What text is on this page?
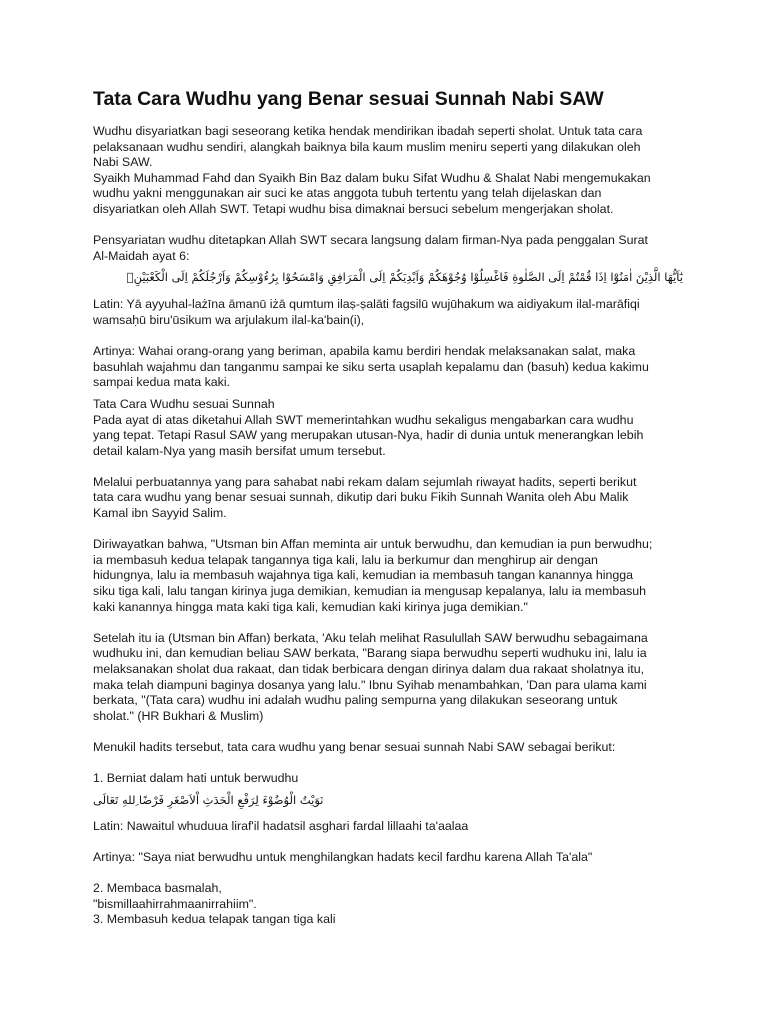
Tata Cara Wudhu yang Benar sesuai Sunnah Nabi SAW

Wudhu disyariatkan bagi seseorang ketika hendak mendirikan ibadah seperti sholat. Untuk tata cara
pelaksanaan wudhu sendiri, alangkah baiknya bila kaum muslim meniru seperti yang dilakukan oleh
Nabi SAW.
Syaikh Muhammad Fahd dan Syaikh Bin Baz dalam buku Sifat Wudhu & Shalat Nabi mengemukakan
wudhu yakni menggunakan air suci ke atas anggota tubuh tertentu yang telah dijelaskan dan
disyariatkan oleh Allah SWT. Tetapi wudhu bisa dimaknai bersuci sebelum mengerjakan sholat.

Pensyariatan wudhu ditetapkan Allah SWT secara langsung dalam firman-Nya pada penggalan Surat
Al-Maidah ayat 6:

يٰٓاَيُّهَا الَّذِيْنَ اٰمَنُوْٓا اِذَا قُمْتُمْ اِلَى الصَّلٰوةِ فَاغْسِلُوْا وُجُوْهَكُمْ وَاَيْدِيَكُمْ اِلَى الْمَرَافِقِ وَامْسَحُوْا بِرُءُوْسِكُمْ وَاَرْجُلَكُمْ اِلَى الْكَعْبَيْنِۗ

Latin: Yā ayyuhal-lażīna āmanū iżā qumtum ilaṣ-ṣalāti fagsilū wujūhakum wa aidiyakum ilal-marāfiqi
wamsaḥū biru'ūsikum wa arjulakum ilal-ka'bain(i),

Artinya: Wahai orang-orang yang beriman, apabila kamu berdiri hendak melaksanakan salat, maka
basuhlah wajahmu dan tanganmu sampai ke siku serta usaplah kepalamu dan (basuh) kedua kakimu
sampai kedua mata kaki.

Tata Cara Wudhu sesuai Sunnah
Pada ayat di atas diketahui Allah SWT memerintahkan wudhu sekaligus mengabarkan cara wudhu
yang tepat. Tetapi Rasul SAW yang merupakan utusan-Nya, hadir di dunia untuk menerangkan lebih
detail kalam-Nya yang masih bersifat umum tersebut.

Melalui perbuatannya yang para sahabat nabi rekam dalam sejumlah riwayat hadits, seperti berikut
tata cara wudhu yang benar sesuai sunnah, dikutip dari buku Fikih Sunnah Wanita oleh Abu Malik
Kamal ibn Sayyid Salim.

Diriwayatkan bahwa, "Utsman bin Affan meminta air untuk berwudhu, dan kemudian ia pun berwudhu;
ia membasuh kedua telapak tangannya tiga kali, lalu ia berkumur dan menghirup air dengan
hidungnya, lalu ia membasuh wajahnya tiga kali, kemudian ia membasuh tangan kanannya hingga
siku tiga kali, lalu tangan kirinya juga demikian, kemudian ia mengusap kepalanya, lalu ia membasuh
kaki kanannya hingga mata kaki tiga kali, kemudian kaki kirinya juga demikian."

Setelah itu ia (Utsman bin Affan) berkata, 'Aku telah melihat Rasulullah SAW berwudhu sebagaimana
wudhuku ini, dan kemudian beliau SAW berkata, "Barang siapa berwudhu seperti wudhuku ini, lalu ia
melaksanakan sholat dua rakaat, dan tidak berbicara dengan dirinya dalam dua rakaat sholatnya itu,
maka telah diampuni baginya dosanya yang lalu." Ibnu Syihab menambahkan, 'Dan para ulama kami
berkata, "(Tata cara) wudhu ini adalah wudhu paling sempurna yang dilakukan seseorang untuk
sholat." (HR Bukhari & Muslim)

Menukil hadits tersebut, tata cara wudhu yang benar sesuai sunnah Nabi SAW sebagai berikut:

1. Berniat dalam hati untuk berwudhu

نَوَيْتُ الْوُضُوْءَ لِرَفْعِ الْحَدَثِ اْلاَصْغَرِ فَرْضًا ِللهِ تَعَالَى

Latin: Nawaitul whuduua liraf'il hadatsil asghari fardal lillaahi ta'aalaa

Artinya: "Saya niat berwudhu untuk menghilangkan hadats kecil fardhu karena Allah Ta'ala"

2. Membaca basmalah,
"bismillaahirrahmaanirrahiim".
3. Membasuh kedua telapak tangan tiga kali
